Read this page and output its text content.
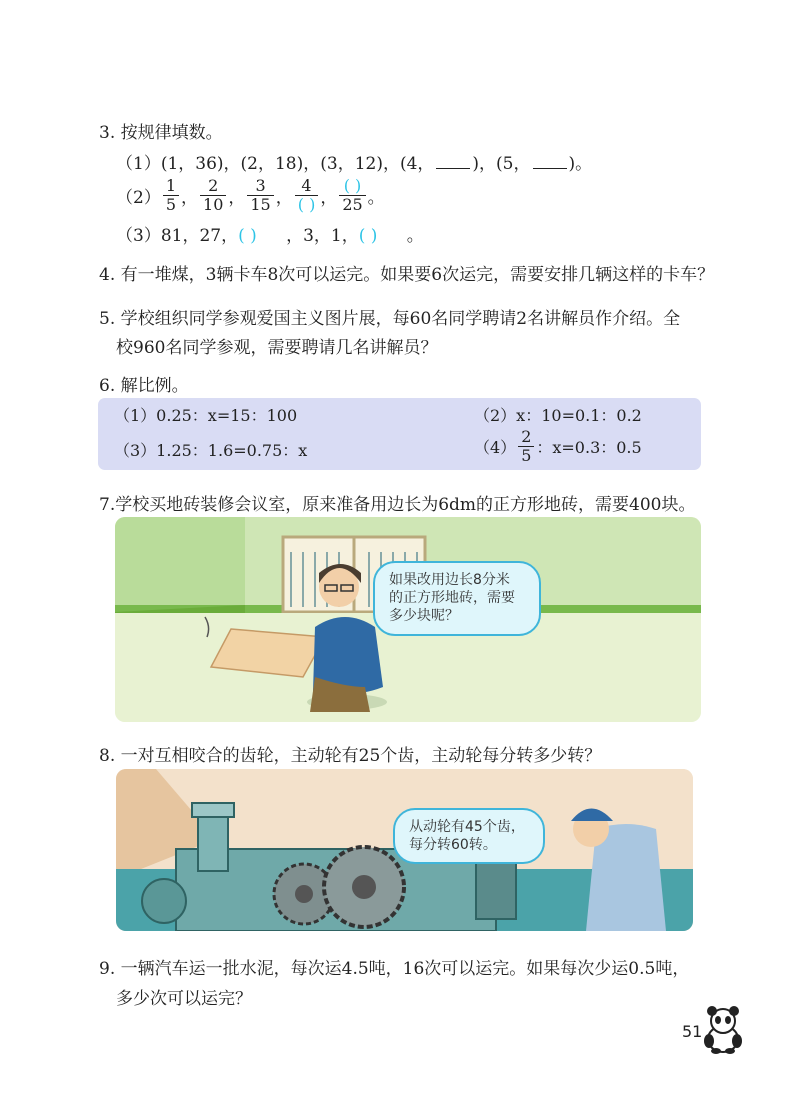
3. 按规律填数。
（1）(1，36)，(2，18)，(3，12)，(4， )，(5， )。
$(2) \frac{1}{5}$ ， $\frac{2}{10}$ ， $\frac{3}{15}$ ， $\frac{4}{( )}$ ， $\frac{( )}{25}$ 。
（3）81，27，( ) ，3，1，( ) 。
4. 有一堆煤，3辆卡车8次可以运完。如果要6次运完，需要安排几辆这样的卡车？
5. 学校组织同学参观爱国主义图片展，每60名同学聘请2名讲解员作介绍。全
校960名同学参观，需要聘请几名讲解员？
6. 解比例。
（1）0.25：x=15：100	（2）x：10=0.1：0.2
（3）1.25：1.6=0.75：x	$(4) \frac{2}{5}$ ：x=0.3：0.5
7.学校买地砖装修会议室，原来准备用边长为6dm的正方形地砖，需要400块。
如果改用边长8分米
的正方形地砖，需要
多少块呢？
8. 一对互相咬合的齿轮，主动轮有25个齿，主动轮每分转多少转？
从动轮有45个齿，
每分转60转。
9. 一辆汽车运一批水泥，每次运4.5吨，16次可以运完。如果每次少运0.5吨，
多少次可以运完？
51
